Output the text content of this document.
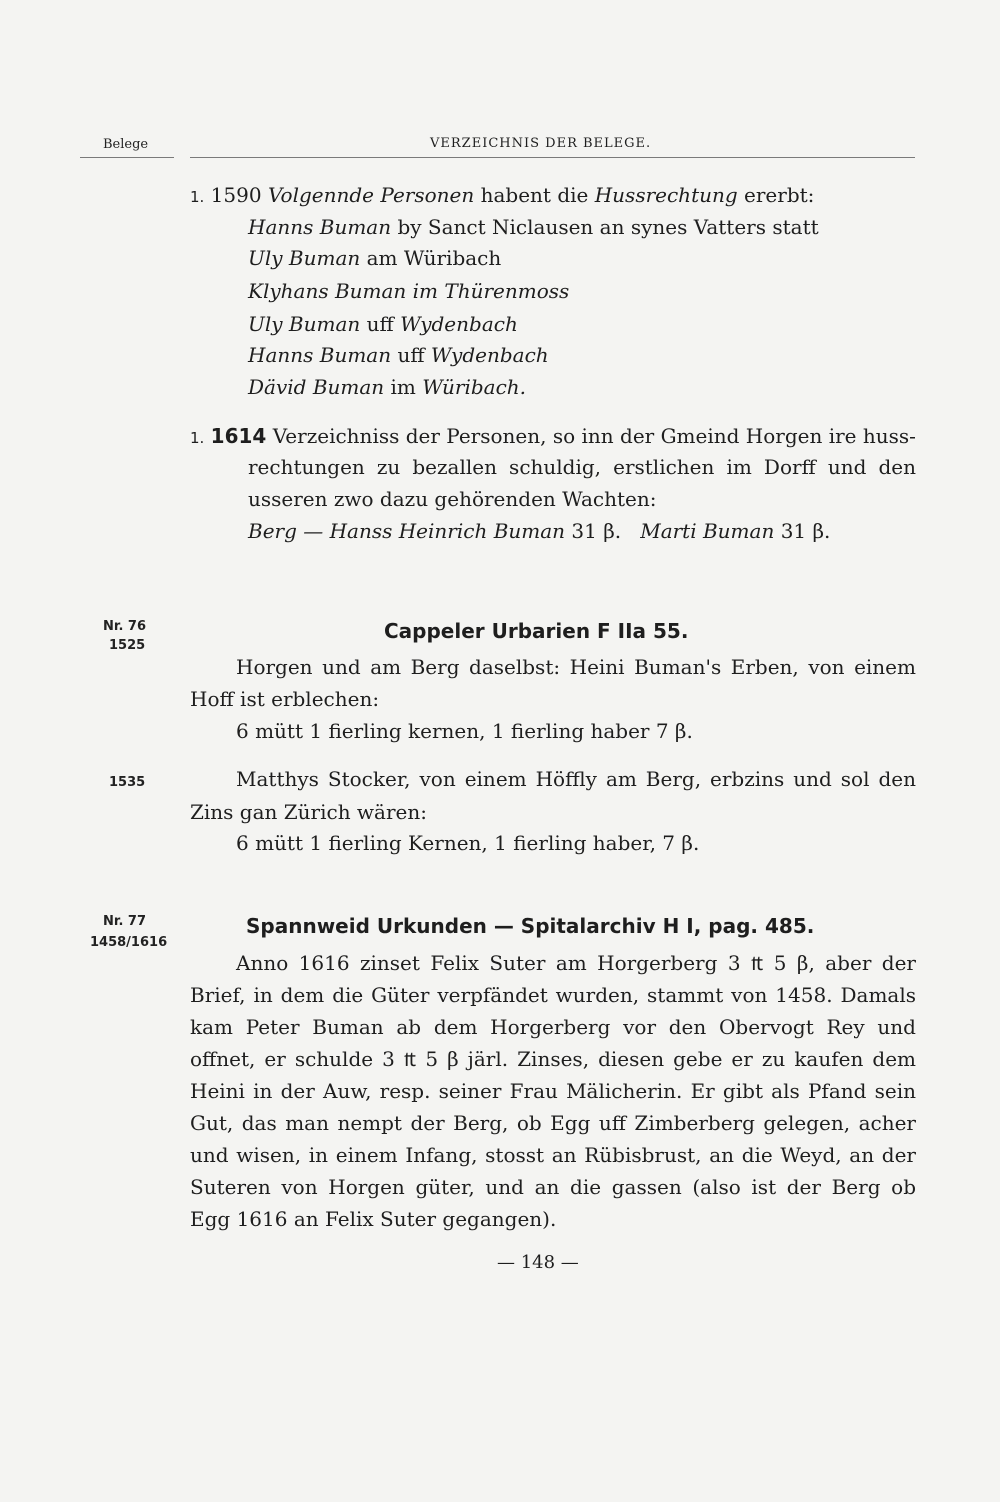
Belege	VERZEICHNIS DER BELEGE.
1. 1590 Volgennde Personen habent die Hussrechtung ererbt:
Hanns Buman by Sanct Niclausen an synes Vatters statt
Uly Buman am Würibach
Klyhans Buman im Thürenmoss
Uly Buman uff Wydenbach
Hanns Buman uff Wydenbach
Dävid Buman im Würibach.
1. 1614 Verzeichniss der Personen, so inn der Gmeind Horgen ire huss-
rechtungen zu bezallen schuldig, erstlichen im Dorff und den
usseren zwo dazu gehörenden Wachten:
Berg — Hanss Heinrich Buman 31 β. Marti Buman 31 β.
Nr. 76
1525
Cappeler Urbarien F IIa 55.
Horgen und am Berg daselbst: Heini Buman's Erben, von einem
Hoff ist erblechen:
6 mütt 1 fierling kernen, 1 fierling haber 7 β.
1535	Matthys Stocker, von einem Höffly am Berg, erbzins und sol den
Zins gan Zürich wären:
6 mütt 1 fierling Kernen, 1 fierling haber, 7 β.
Nr. 77
1458/1616
Spannweid Urkunden — Spitalarchiv H I, pag. 485.
Anno 1616 zinset Felix Suter am Horgerberg 3 ₶ 5 β, aber der
Brief, in dem die Güter verpfändet wurden, stammt von 1458. Damals
kam Peter Buman ab dem Horgerberg vor den Obervogt Rey und
offnet, er schulde 3 ₶ 5 β järl. Zinses, diesen gebe er zu kaufen dem
Heini in der Auw, resp. seiner Frau Mälicherin. Er gibt als Pfand sein
Gut, das man nempt der Berg, ob Egg uff Zimberberg gelegen, acher
und wisen, in einem Infang, stosst an Rübisbrust, an die Weyd, an der
Suteren von Horgen güter, und an die gassen (also ist der Berg ob
Egg 1616 an Felix Suter gegangen).
— 148 —
